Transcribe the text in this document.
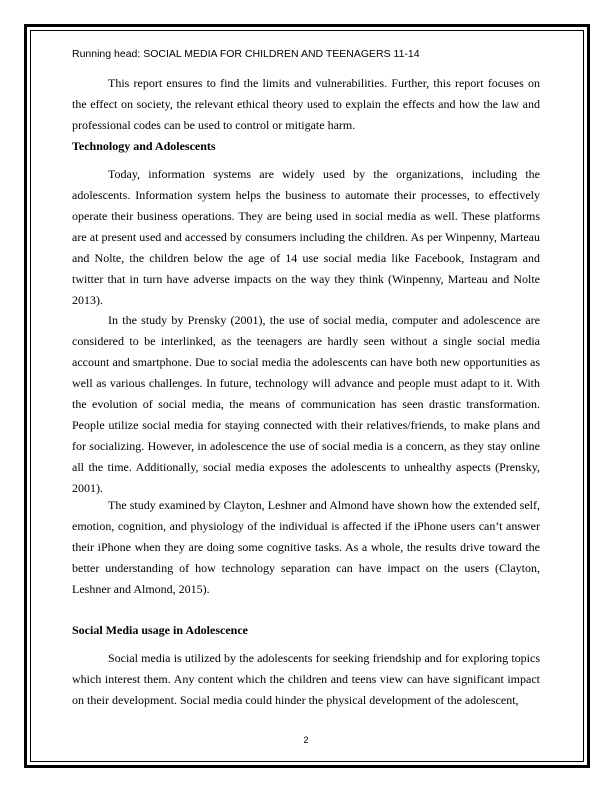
Running head: SOCIAL MEDIA FOR CHILDREN AND TEENAGERS 11-14

This report ensures to find the limits and vulnerabilities. Further, this report focuses on the effect on society, the relevant ethical theory used to explain the effects and how the law and professional codes can be used to control or mitigate harm.

Technology and Adolescents

Today, information systems are widely used by the organizations, including the adolescents. Information system helps the business to automate their processes, to effectively operate their business operations. They are being used in social media as well. These platforms are at present used and accessed by consumers including the children. As per Winpenny, Marteau and Nolte, the children below the age of 14 use social media like Facebook, Instagram and twitter that in turn have adverse impacts on the way they think (Winpenny, Marteau and Nolte 2013).

In the study by Prensky (2001), the use of social media, computer and adolescence are considered to be interlinked, as the teenagers are hardly seen without a single social media account and smartphone. Due to social media the adolescents can have both new opportunities as well as various challenges. In future, technology will advance and people must adapt to it. With the evolution of social media, the means of communication has seen drastic transformation. People utilize social media for staying connected with their relatives/friends, to make plans and for socializing. However, in adolescence the use of social media is a concern, as they stay online all the time. Additionally, social media exposes the adolescents to unhealthy aspects (Prensky, 2001).

The study examined by Clayton, Leshner and Almond have shown how the extended self, emotion, cognition, and physiology of the individual is affected if the iPhone users can’t answer their iPhone when they are doing some cognitive tasks. As a whole, the results drive toward the better understanding of how technology separation can have impact on the users (Clayton, Leshner and Almond, 2015).

Social Media usage in Adolescence

Social media is utilized by the adolescents for seeking friendship and for exploring topics which interest them. Any content which the children and teens view can have significant impact on their development. Social media could hinder the physical development of the adolescent,

2
